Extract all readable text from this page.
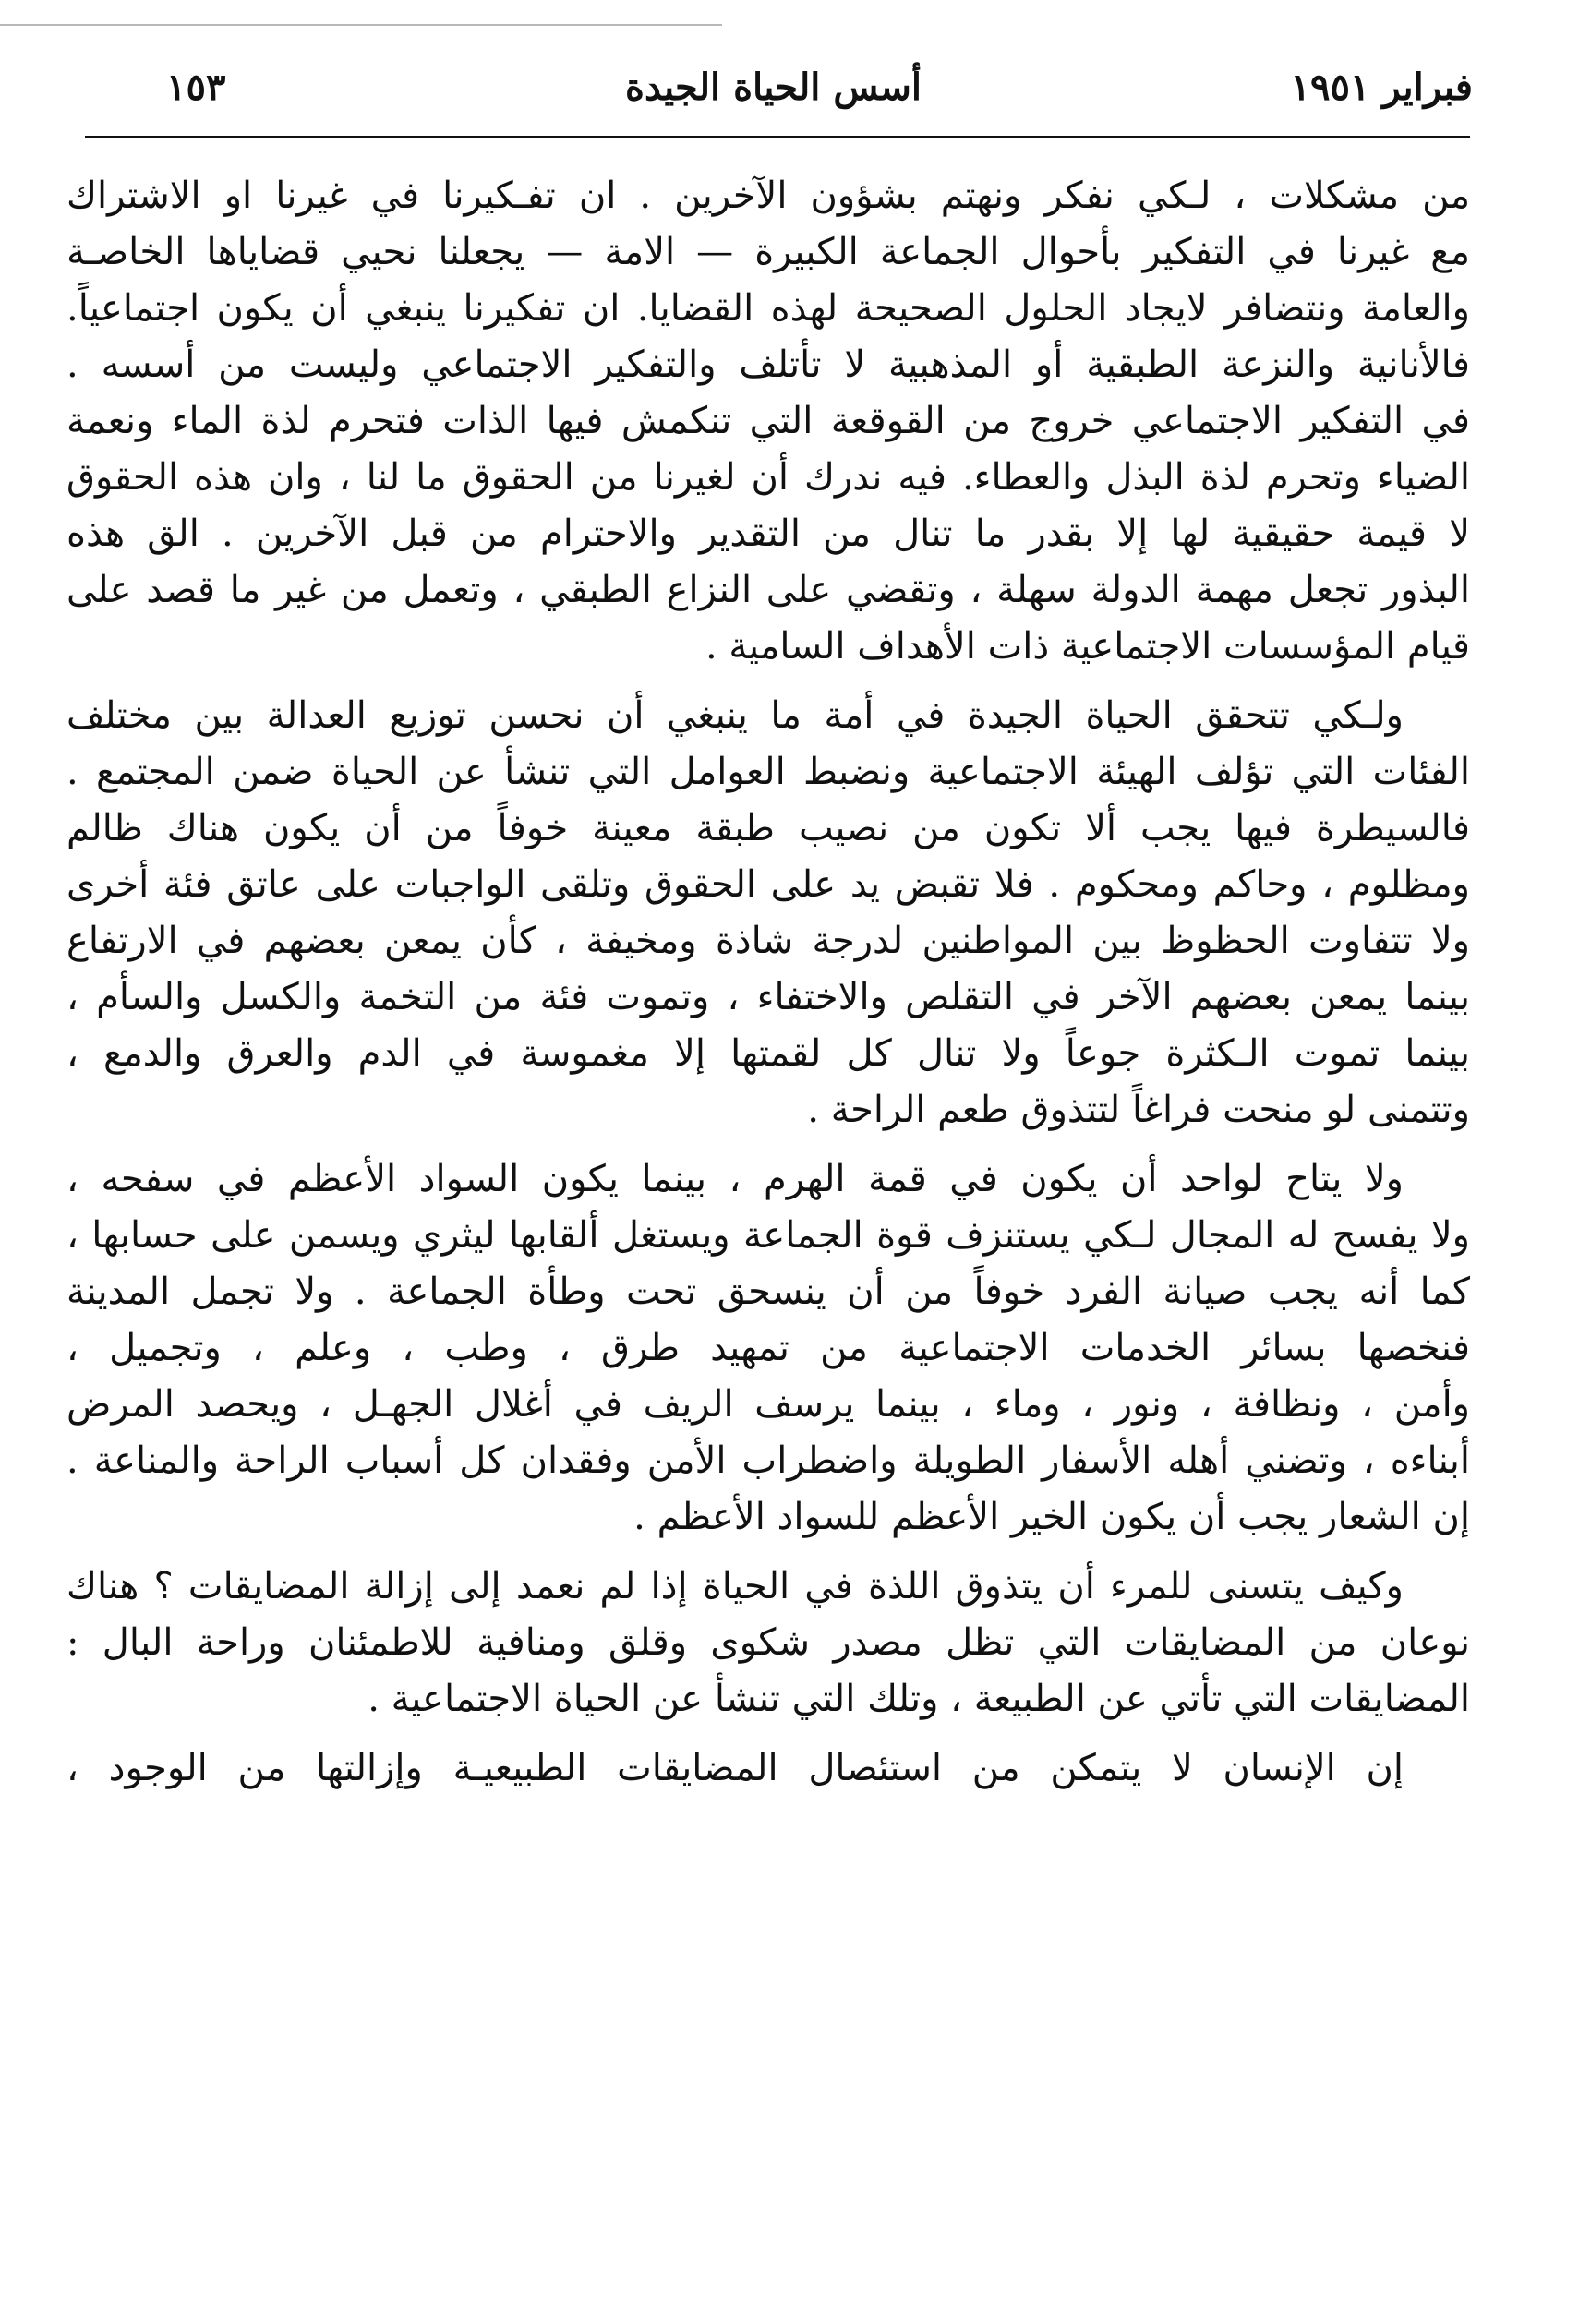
فبراير ١٩٥١
أسس الحياة الجيدة
١٥٣
من مشكلات ، لـكي نفكر ونهتم بشؤون الآخرين . ان تفـكيرنا في غيرنا او الاشتراك
مع غيرنا في التفكير بأحوال الجماعة الكبيرة — الامة — يجعلنا نحيي قضاياها الخاصـة
والعامة ونتضافر لايجاد الحلول الصحيحة لهذه القضايا. ان تفكيرنا ينبغي أن يكون اجتماعياً.
فالأنانية والنزعة الطبقية أو المذهبية لا تأتلف والتفكير الاجتماعي وليست من أسسه .
في التفكير الاجتماعي خروج من القوقعة التي تنكمش فيها الذات فتحرم لذة الماء ونعمة
الضياء وتحرم لذة البذل والعطاء. فيه ندرك أن لغيرنا من الحقوق ما لنا ، وان هذه الحقوق
لا قيمة حقيقية لها إلا بقدر ما تنال من التقدير والاحترام من قبل الآخرين . الق هذه
البذور تجعل مهمة الدولة سهلة ، وتقضي على النزاع الطبقي ، وتعمل من غير ما قصد على
قيام المؤسسات الاجتماعية ذات الأهداف السامية .
ولـكي تتحقق الحياة الجيدة في أمة ما ينبغي أن نحسن توزيع العدالة بين مختلف
الفئات التي تؤلف الهيئة الاجتماعية ونضبط العوامل التي تنشأ عن الحياة ضمن المجتمع .
فالسيطرة فيها يجب ألا تكون من نصيب طبقة معينة خوفاً من أن يكون هناك ظالم
ومظلوم ، وحاكم ومحكوم . فلا تقبض يد على الحقوق وتلقى الواجبات على عاتق فئة أخرى
ولا تتفاوت الحظوظ بين المواطنين لدرجة شاذة ومخيفة ، كأن يمعن بعضهم في الارتفاع
بينما يمعن بعضهم الآخر في التقلص والاختفاء ، وتموت فئة من التخمة والكسل والسأم ،
بينما تموت الـكثرة جوعاً ولا تنال كل لقمتها إلا مغموسة في الدم والعرق والدمع ،
وتتمنى لو منحت فراغاً لتتذوق طعم الراحة .
ولا يتاح لواحد أن يكون في قمة الهرم ، بينما يكون السواد الأعظم في سفحه ،
ولا يفسح له المجال لـكي يستنزف قوة الجماعة ويستغل ألقابها ليثري ويسمن على حسابها ،
كما أنه يجب صيانة الفرد خوفاً من أن ينسحق تحت وطأة الجماعة . ولا تجمل المدينة
فنخصها بسائر الخدمات الاجتماعية من تمهيد طرق ، وطب ، وعلم ، وتجميل ،
وأمن ، ونظافة ، ونور ، وماء ، بينما يرسف الريف في أغلال الجهـل ، ويحصد المرض
أبناءه ، وتضني أهله الأسفار الطويلة واضطراب الأمن وفقدان كل أسباب الراحة والمناعة .
إن الشعار يجب أن يكون الخير الأعظم للسواد الأعظم .
وكيف يتسنى للمرء أن يتذوق اللذة في الحياة إذا لم نعمد إلى إزالة المضايقات ؟ هناك
نوعان من المضايقات التي تظل مصدر شكوى وقلق ومنافية للاطمئنان وراحة البال :
المضايقات التي تأتي عن الطبيعة ، وتلك التي تنشأ عن الحياة الاجتماعية .
إن الإنسان لا يتمكن من استئصال المضايقات الطبيعيـة وإزالتها من الوجود ،
